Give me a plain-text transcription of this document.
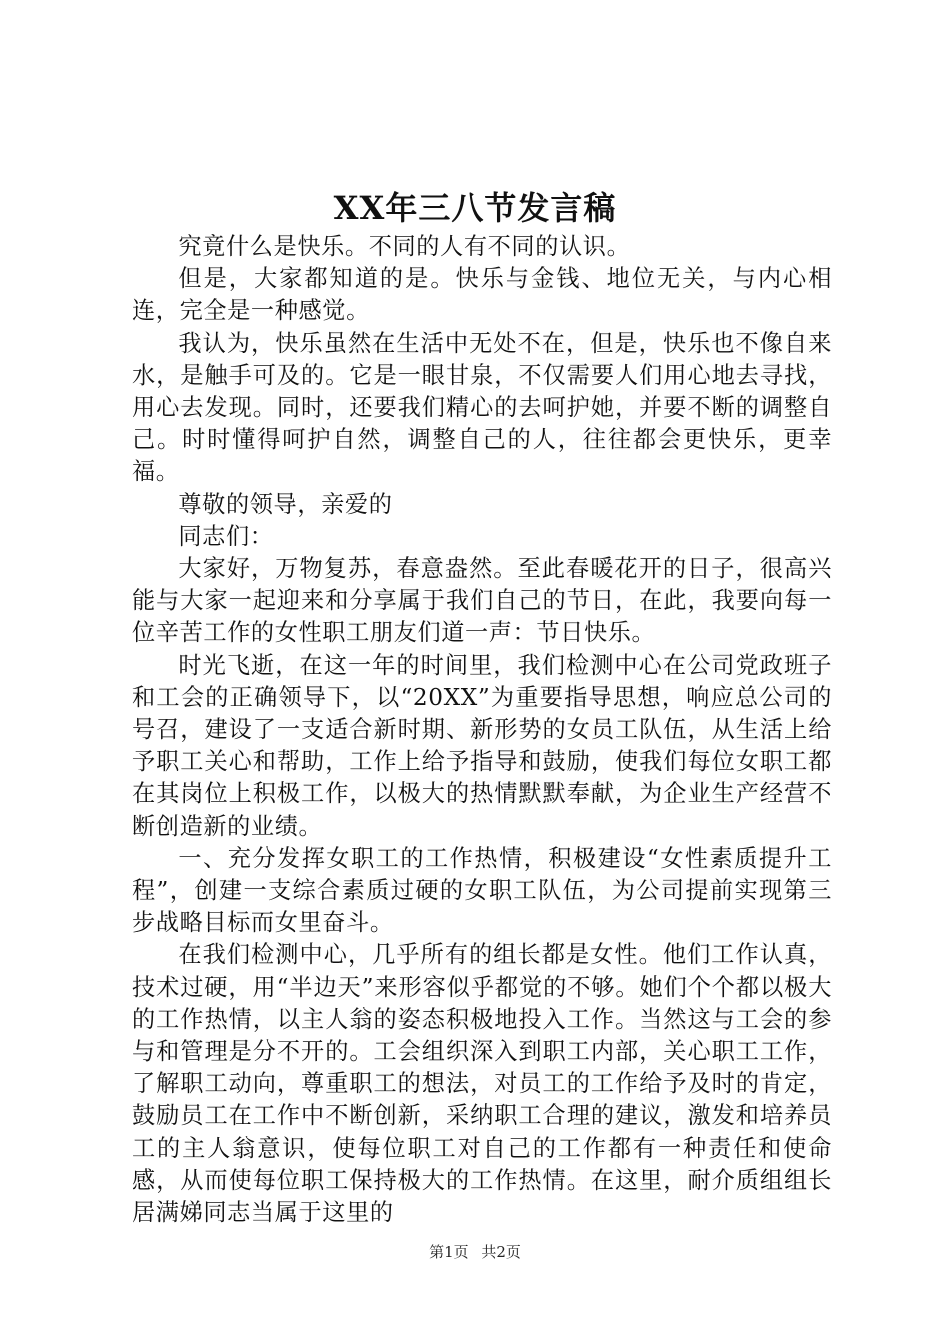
XX年三八节发言稿

究竟什么是快乐。不同的人有不同的认识。

但是，大家都知道的是。快乐与金钱、地位无关，与内心相连，完全是一种感觉。

我认为，快乐虽然在生活中无处不在，但是，快乐也不像自来水，是触手可及的。它是一眼甘泉，不仅需要人们用心地去寻找，用心去发现。同时，还要我们精心的去呵护她，并要不断的调整自己。时时懂得呵护自然，调整自己的人，往往都会更快乐，更幸福。

尊敬的领导，亲爱的

同志们：

大家好，万物复苏，春意盎然。至此春暖花开的日子，很高兴能与大家一起迎来和分享属于我们自己的节日，在此，我要向每一位辛苦工作的女性职工朋友们道一声：节日快乐。

时光飞逝，在这一年的时间里，我们检测中心在公司党政班子和工会的正确领导下，以“20XX”为重要指导思想，响应总公司的号召，建设了一支适合新时期、新形势的女员工队伍，从生活上给予职工关心和帮助，工作上给予指导和鼓励，使我们每位女职工都在其岗位上积极工作，以极大的热情默默奉献，为企业生产经营不断创造新的业绩。

一、充分发挥女职工的工作热情，积极建设“女性素质提升工程”，创建一支综合素质过硬的女职工队伍，为公司提前实现第三步战略目标而女里奋斗。

在我们检测中心，几乎所有的组长都是女性。他们工作认真，技术过硬，用“半边天”来形容似乎都觉的不够。她们个个都以极大的工作热情，以主人翁的姿态积极地投入工作。当然这与工会的参与和管理是分不开的。工会组织深入到职工内部，关心职工工作，了解职工动向，尊重职工的想法，对员工的工作给予及时的肯定，鼓励员工在工作中不断创新，采纳职工合理的建议，激发和培养员工的主人翁意识，使每位职工对自己的工作都有一种责任和使命感，从而使每位职工保持极大的工作热情。在这里，耐介质组组长居满娣同志当属于这里的

第1页 共2页
